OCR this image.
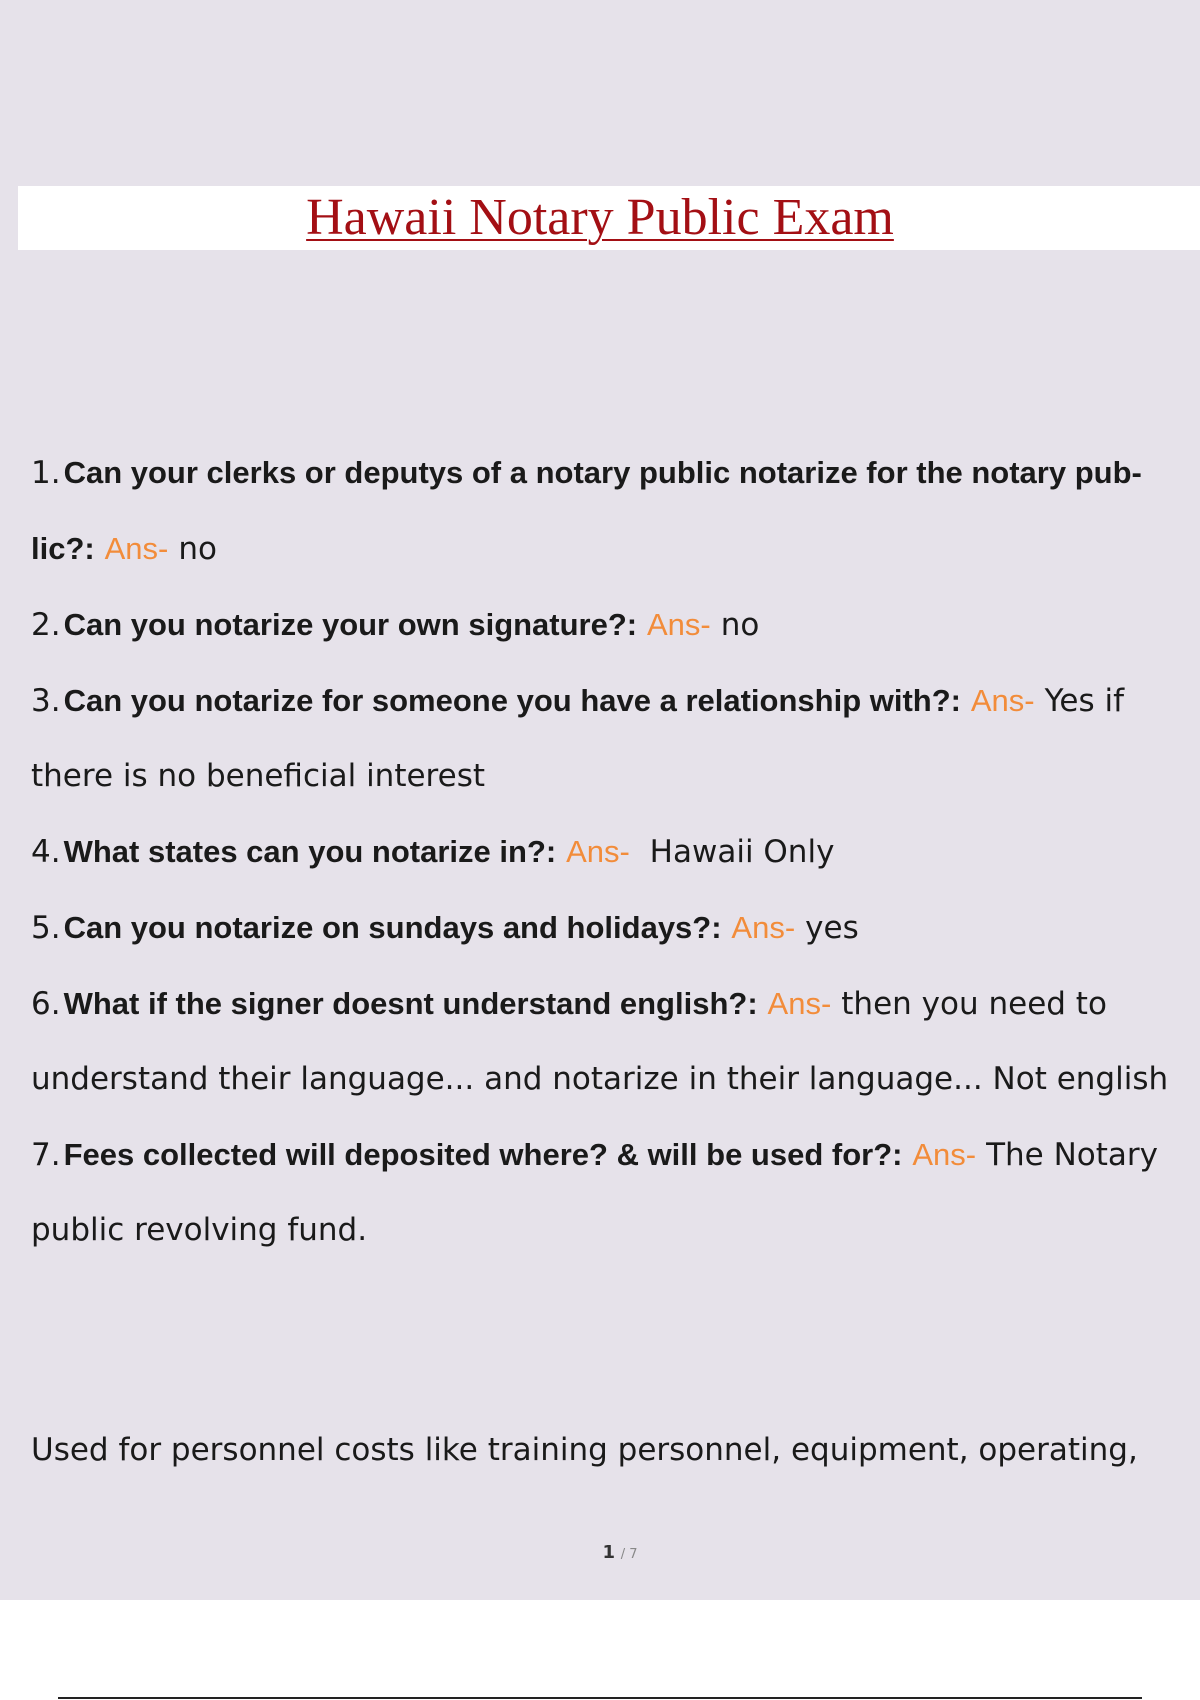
Hawaii Notary Public Exam
1.Can your clerks or deputys of a notary public notarize for the notary pub- lic?: Ans- no
2.Can you notarize your own signature?: Ans- no
3.Can you notarize for someone you have a relationship with?: Ans- Yes if there is no beneficial interest
4.What states can you notarize in?: Ans- Hawaii Only
5.Can you notarize on sundays and holidays?: Ans- yes
6.What if the signer doesnt understand english?: Ans- then you need to understand their language... and notarize in their language... Not english
7.Fees collected will deposited where? & will be used for?: Ans- The Notary public revolving fund.

Used for personnel costs like training personnel, equipment, operating,

1 / 7
